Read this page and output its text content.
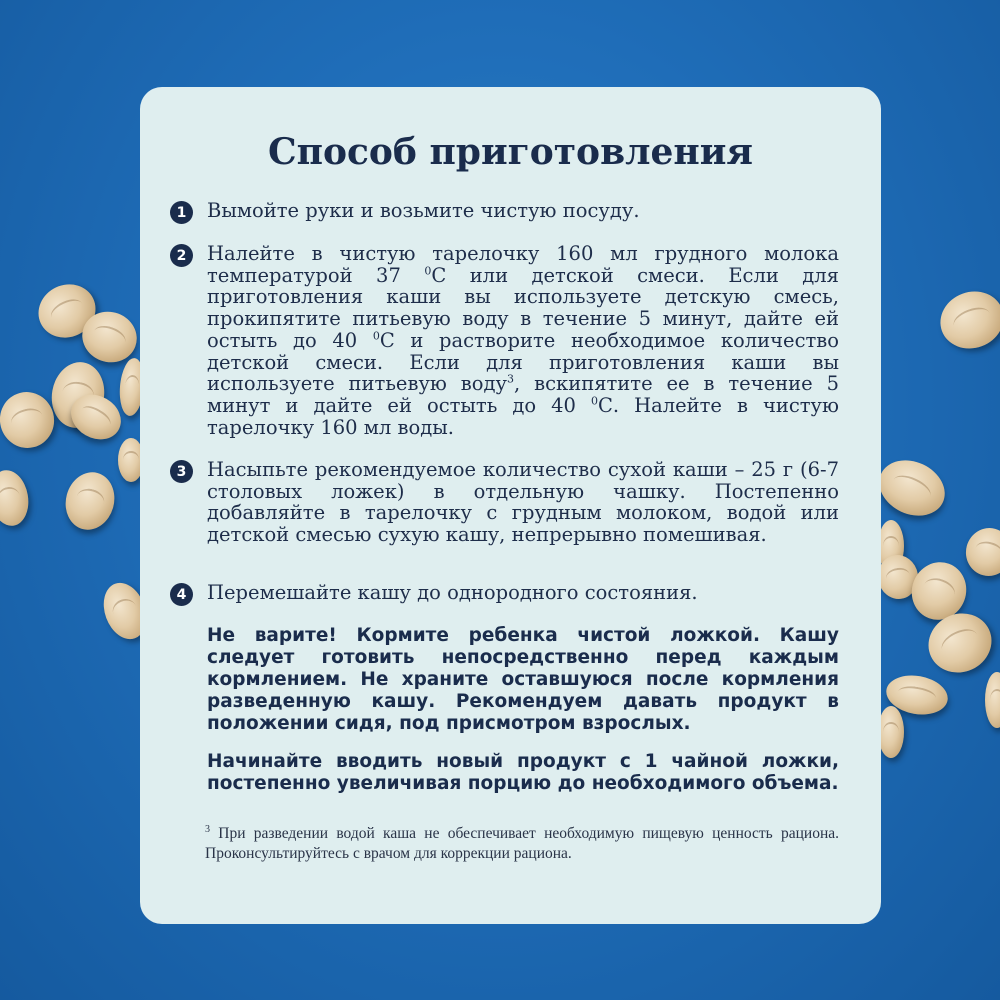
Способ приготовления
1	Вымойте руки и возьмите чистую посуду.
2	Налейте в чистую тарелочку 160 мл грудного молока температурой 37 $^0$С или детской смеси. Если для приготовления каши вы используете детскую смесь, прокипятите питьевую воду в течение 5 минут, дайте ей остыть до 40 $^0$С и растворите необходимое количество детской смеси. Если для приготовления каши вы используете питьевую воду$^3$, вскипятите ее в течение 5 минут и дайте ей остыть до 40 $^0$С. Налейте в чистую тарелочку 160 мл воды.
3	Насыпьте рекомендуемое количество сухой каши – 25 г (6-7 столовых ложек) в отдельную чашку. Постепенно добавляйте в тарелочку с грудным молоком, водой или детской смесью сухую кашу, непрерывно помешивая.
4	Перемешайте кашу до однородного состояния.
Не варите! Кормите ребенка чистой ложкой. Кашу следует готовить непосредственно перед каждым кормлением. Не храните оставшуюся после кормления разведенную кашу. Рекомендуем давать продукт в положении сидя, под присмотром взрослых.
Начинайте вводить новый продукт с 1 чайной ложки, постепенно увеличивая порцию до необходимого объема.
$^3$ При разведении водой каша не обеспечивает необходимую пищевую ценность рациона. Проконсультируйтесь с врачом для коррекции рациона.
